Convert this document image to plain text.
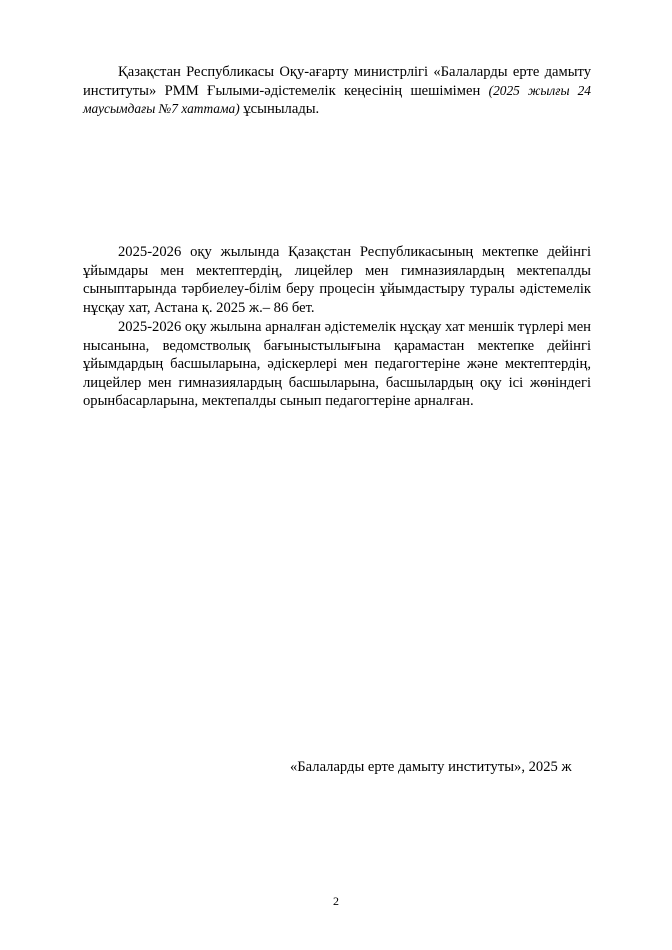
Қазақстан Республикасы Оқу-ағарту министрлігі «Балаларды ерте дамыту институты» РММ Ғылыми-әдістемелік кеңесінің шешімімен (2025 жылғы 24 маусымдағы №7 хаттама) ұсынылады.

2025-2026 оқу жылында Қазақстан Республикасының мектепке дейінгі ұйымдары мен мектептердің, лицейлер мен гимназиялардың мектепалды сыныптарында тәрбиелеу-білім беру процесін ұйымдастыру туралы әдістемелік нұсқау хат, Астана қ. 2025 ж.– 86 бет.

2025-2026 оқу жылына арналған әдістемелік нұсқау хат меншік түрлері мен нысанына, ведомстволық бағыныстылығына қарамастан мектепке дейінгі ұйымдардың басшыларына, әдіскерлері мен педагогтеріне және мектептердің, лицейлер мен гимназиялардың басшыларына, басшылардың оқу ісі жөніндегі орынбасарларына, мектепалды сынып педагогтеріне арналған.

«Балаларды ерте дамыту институты», 2025 ж
2
